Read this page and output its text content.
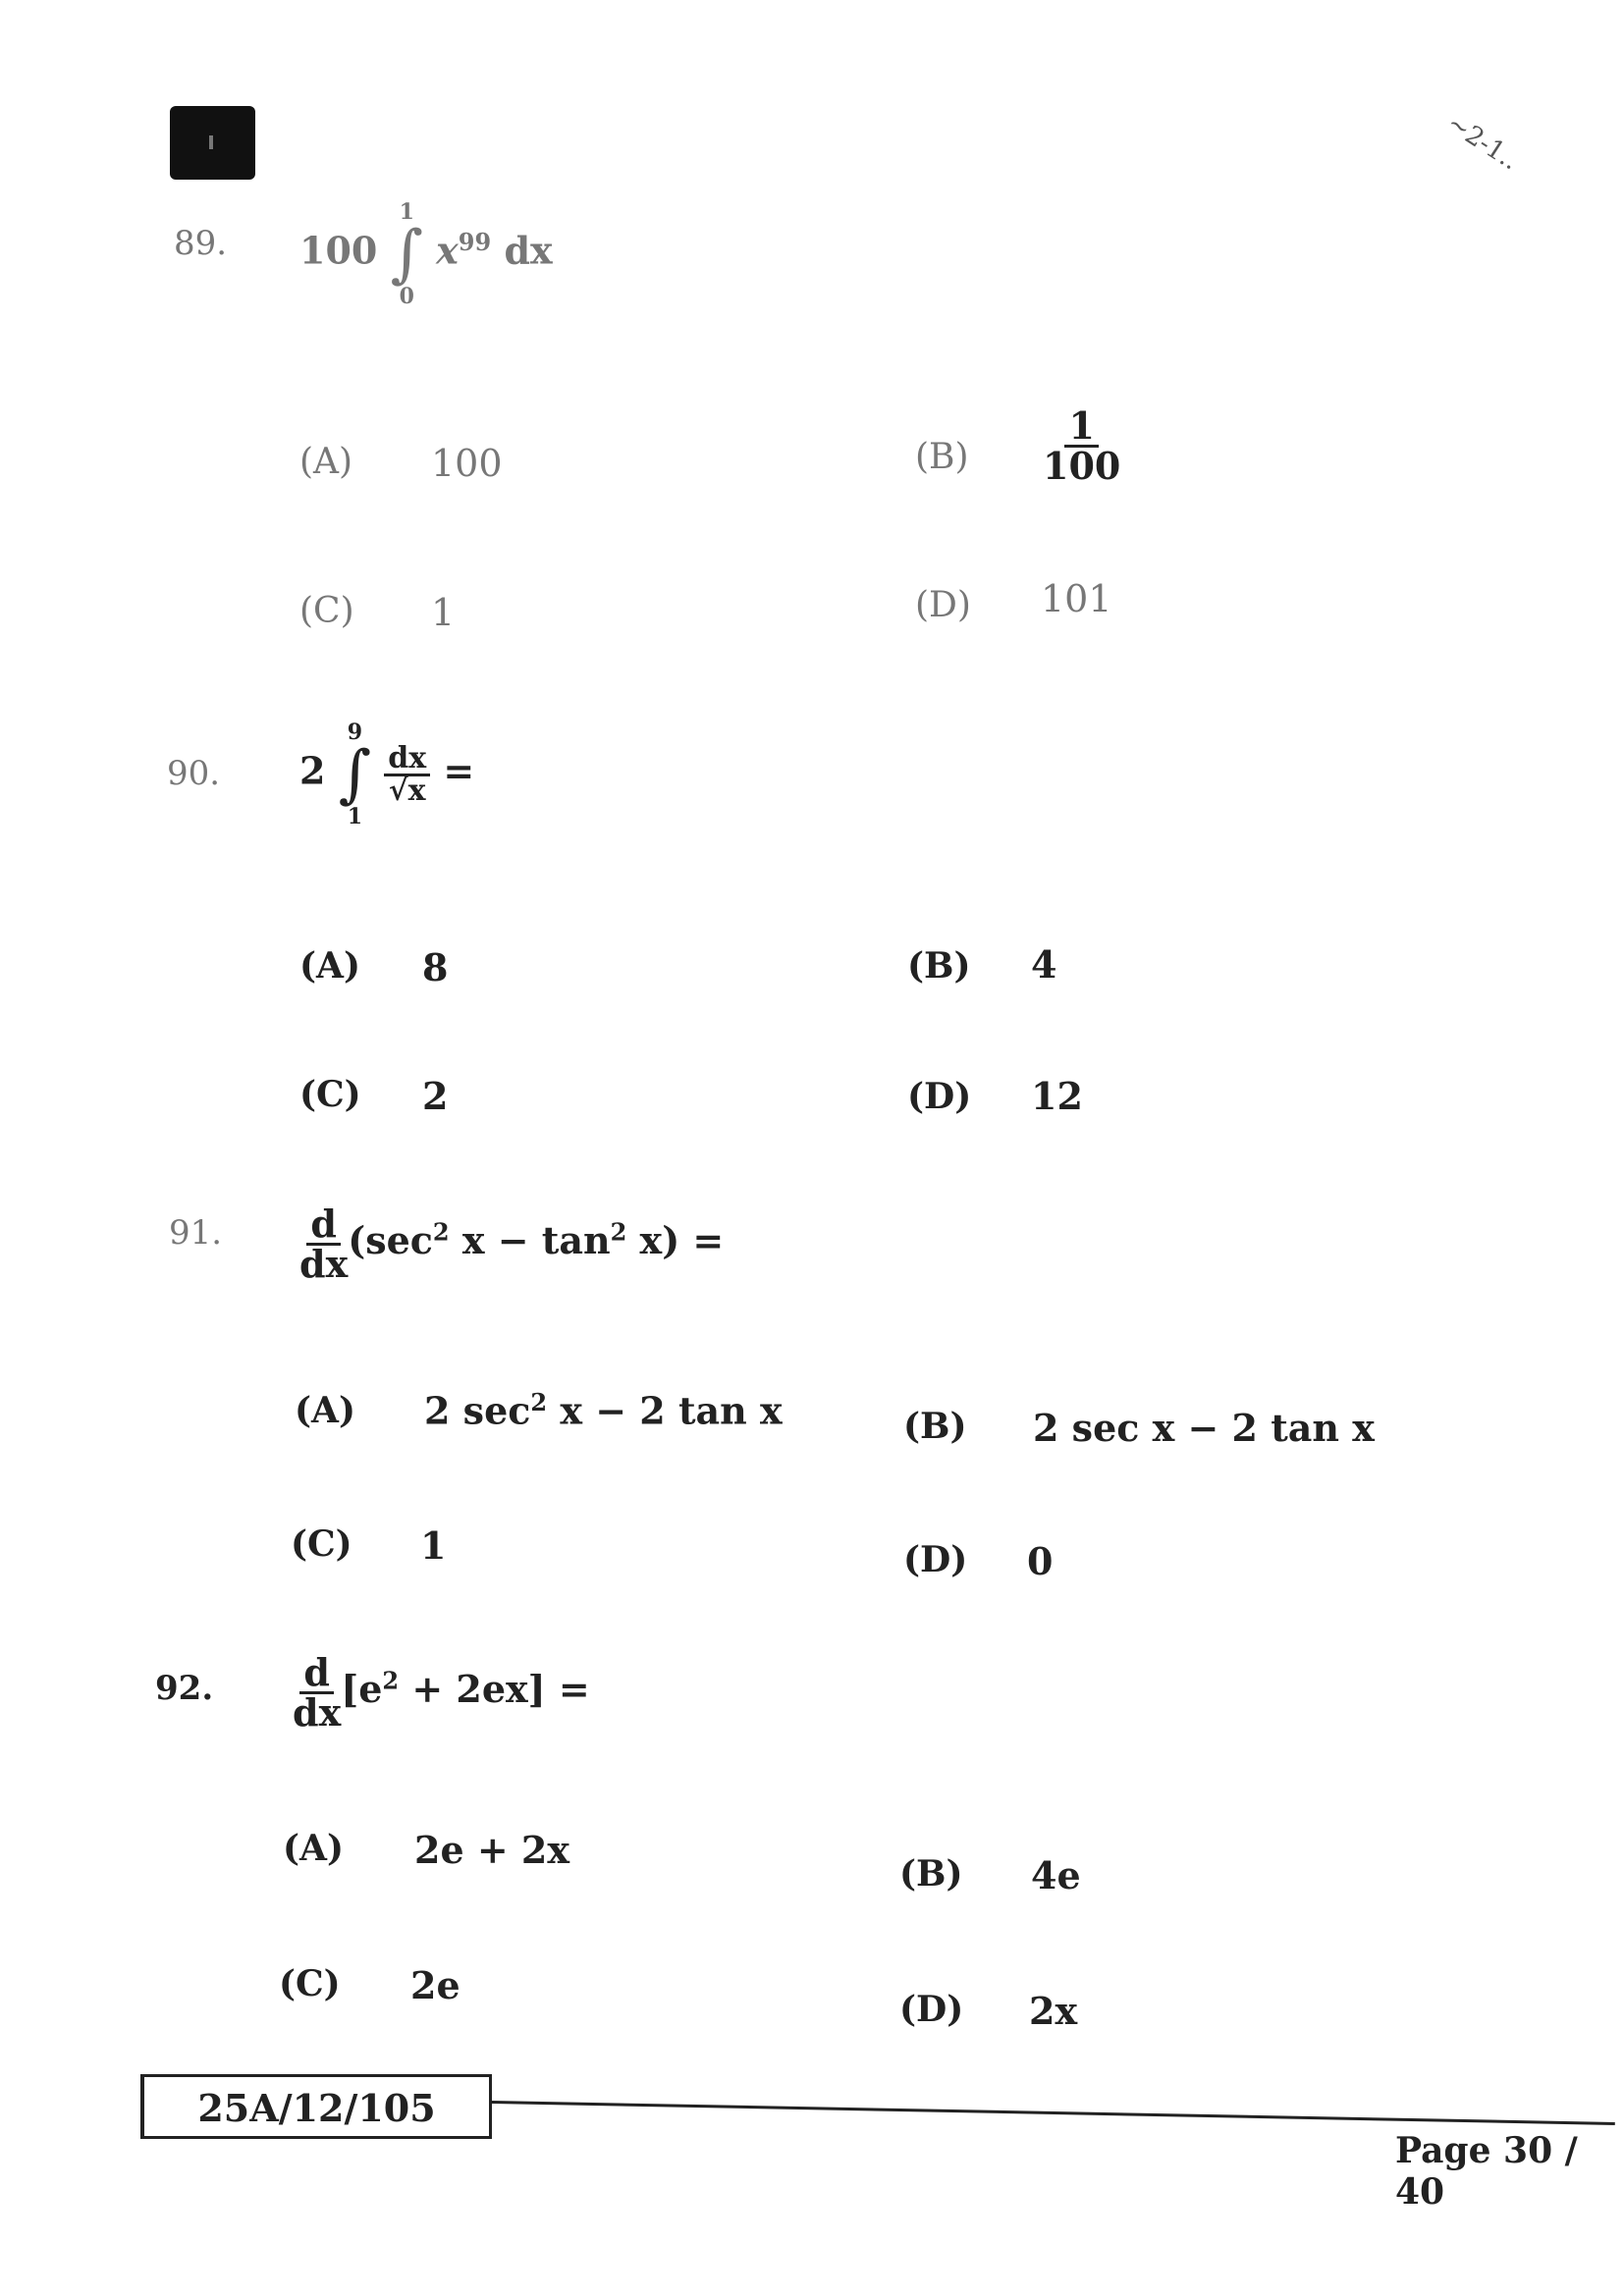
~2-1..
89. 100
1
∫
0
$x^{99}$ dx
(A) 100	$(B) \frac{1}{100}$
(C) 1	(D) 101
90. 2
9
∫
1

$\frac{dx}{√x}$ =
(A) 8	(B) 4
(C) 2	(D) 12
91. $\frac{d}{dx} (\sec^2$ $x - \tan^2 x$) =
(A) 2 $\sec^2 x - 2$ tan x	(B) 2 sec x − 2 tan x
(C) 1	(D) 0
92. $\frac{d}{dx} [e^2 + 2ex]$ =
(A) 2e + 2x
(B) 4e
(C) 2e
(D) 2x
25A/12/105
Page 30 / 40
